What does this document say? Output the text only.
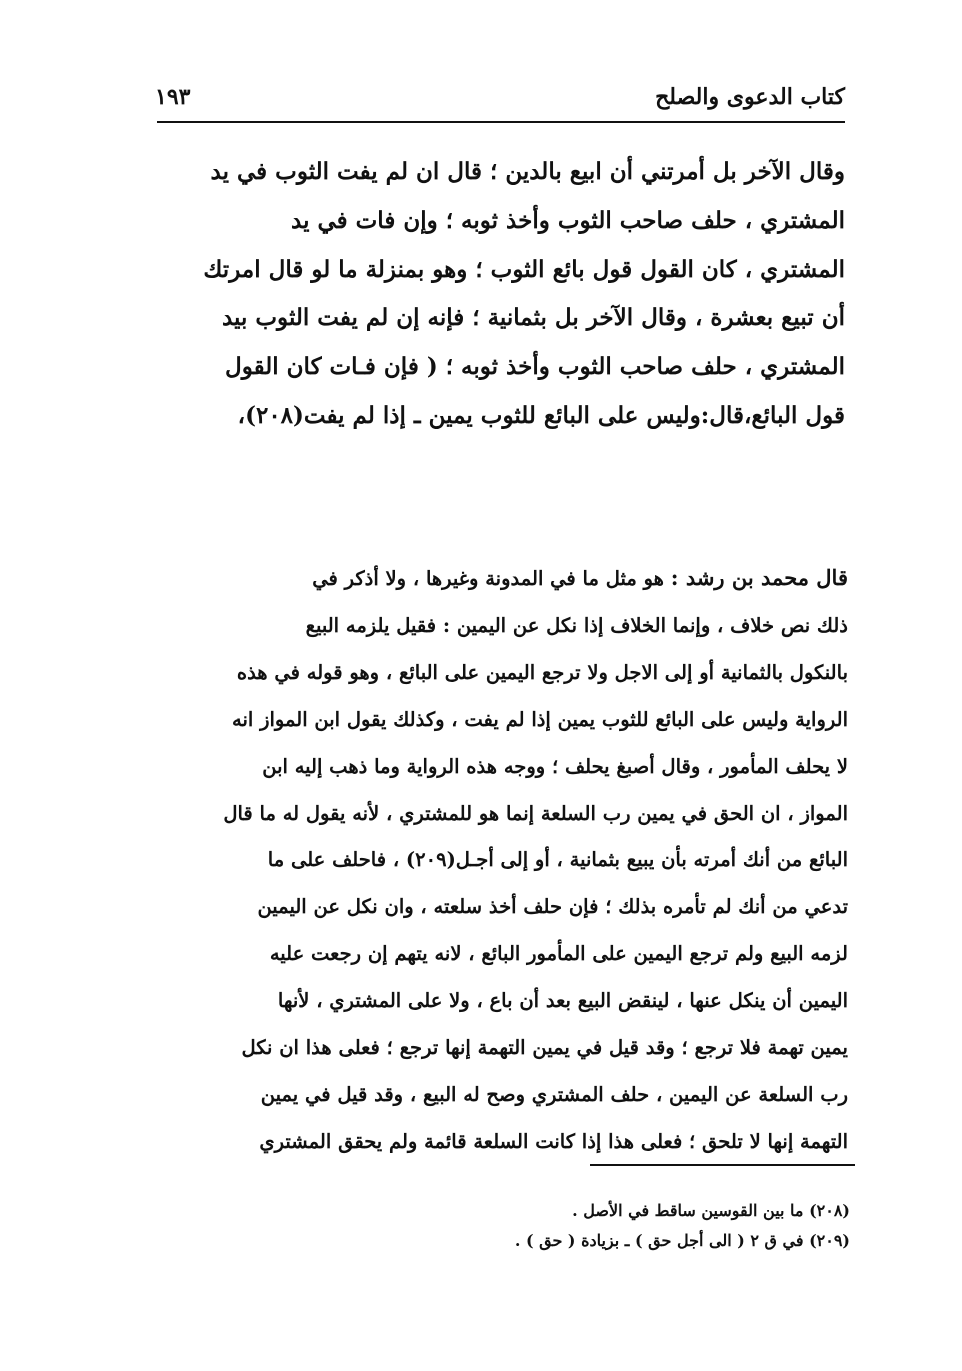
كتاب الدعوى والصلح
١٩٣
وقال الآخر بل أمرتني أن ابيع بالدين ؛ قال ان لم يفت الثوب في يد
المشتري ، حلف صاحب الثوب وأخذ ثوبه ؛ وإن فات في يد
المشتري ، كان القول قول بائع الثوب ؛ وهو بمنزلة ما لو قال امرتك
أن تبيع بعشرة ، وقال الآخر بل بثمانية ؛ فإنه إن لم يفت الثوب بيد
المشتري ، حلف صاحب الثوب وأخذ ثوبه ؛ ( فإن فـات كان القول
قول البائع،قال:وليس على البائع للثوب يمين ـ إذا لم يفت(٢٠٨)،
قال محمد بن رشد : هو مثل ما في المدونة وغيرها ، ولا أذكر في
ذلك نص خلاف ، وإنما الخلاف إذا نكل عن اليمين : فقيل يلزمه البيع
بالنكول بالثمانية أو إلى الاجل ولا ترجع اليمين على البائع ، وهو قوله في هذه
الرواية وليس على البائع للثوب يمين إذا لم يفت ، وكذلك يقول ابن المواز انه
لا يحلف المأمور ، وقال أصبغ يحلف ؛ ووجه هذه الرواية وما ذهب إليه ابن
المواز ، ان الحق في يمين رب السلعة إنما هو للمشتري ، لأنه يقول له ما قال
البائع من أنك أمرته بأن يبيع بثمانية ، أو إلى أجـل(٢٠٩) ، فاحلف على ما
تدعي من أنك لم تأمره بذلك ؛ فإن حلف أخذ سلعته ، وان نكل عن اليمين
لزمه البيع ولم ترجع اليمين على المأمور البائع ، لانه يتهم إن رجعت عليه
اليمين أن ينكل عنها ، لينقض البيع بعد أن باع ، ولا على المشتري ، لأنها
يمين تهمة فلا ترجع ؛ وقد قيل في يمين التهمة إنها ترجع ؛ فعلى هذا ان نكل
رب السلعة عن اليمين ، حلف المشتري وصح له البيع ، وقد قيل في يمين
التهمة إنها لا تلحق ؛ فعلى هذا إذا كانت السلعة قائمة ولم يحقق المشتري
(٢٠٨) ما بين القوسين ساقط في الأصل .
(٢٠٩) في ق ٢ ( الى أجل حق ) ـ بزيادة ( حق ) .
